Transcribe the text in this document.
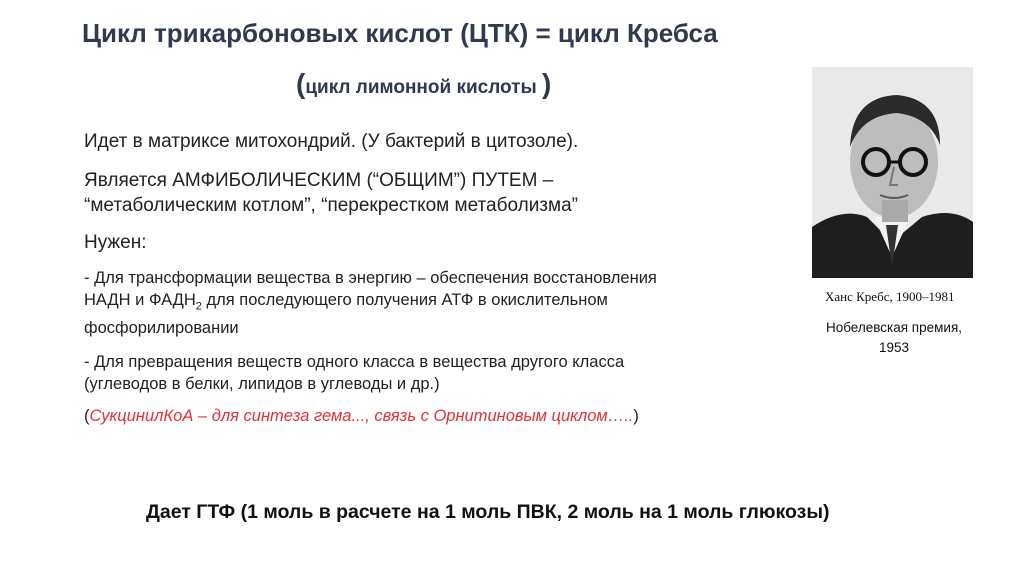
Цикл трикарбоновых кислот (ЦТК) = цикл Кребса
(цикл лимонной кислоты )

Идет в матриксе митохондрий. (У бактерий в цитозоле).

Является АМФИБОЛИЧЕСКИМ (“ОБЩИМ”) ПУТЕМ –
“метаболическим котлом”, “перекрестком метаболизма”

Нужен:

- Для трансформации вещества в энергию – обеспечения восстановления
НАДН и $ФАДН_2$ для последующего получения АТФ в окислительном
фосфорилировании

- Для превращения веществ одного класса в вещества другого класса
(углеводов в белки, липидов в углеводы и др.)

(СукцинилКоА – для синтеза гема..., связь с Орнитиновым циклом…..)

Дает ГТФ (1 моль в расчете на 1 моль ПВК, 2 моль на 1 моль глюкозы)
Ханс Кребс, 1900–1981
Нобелевская премия,
1953
